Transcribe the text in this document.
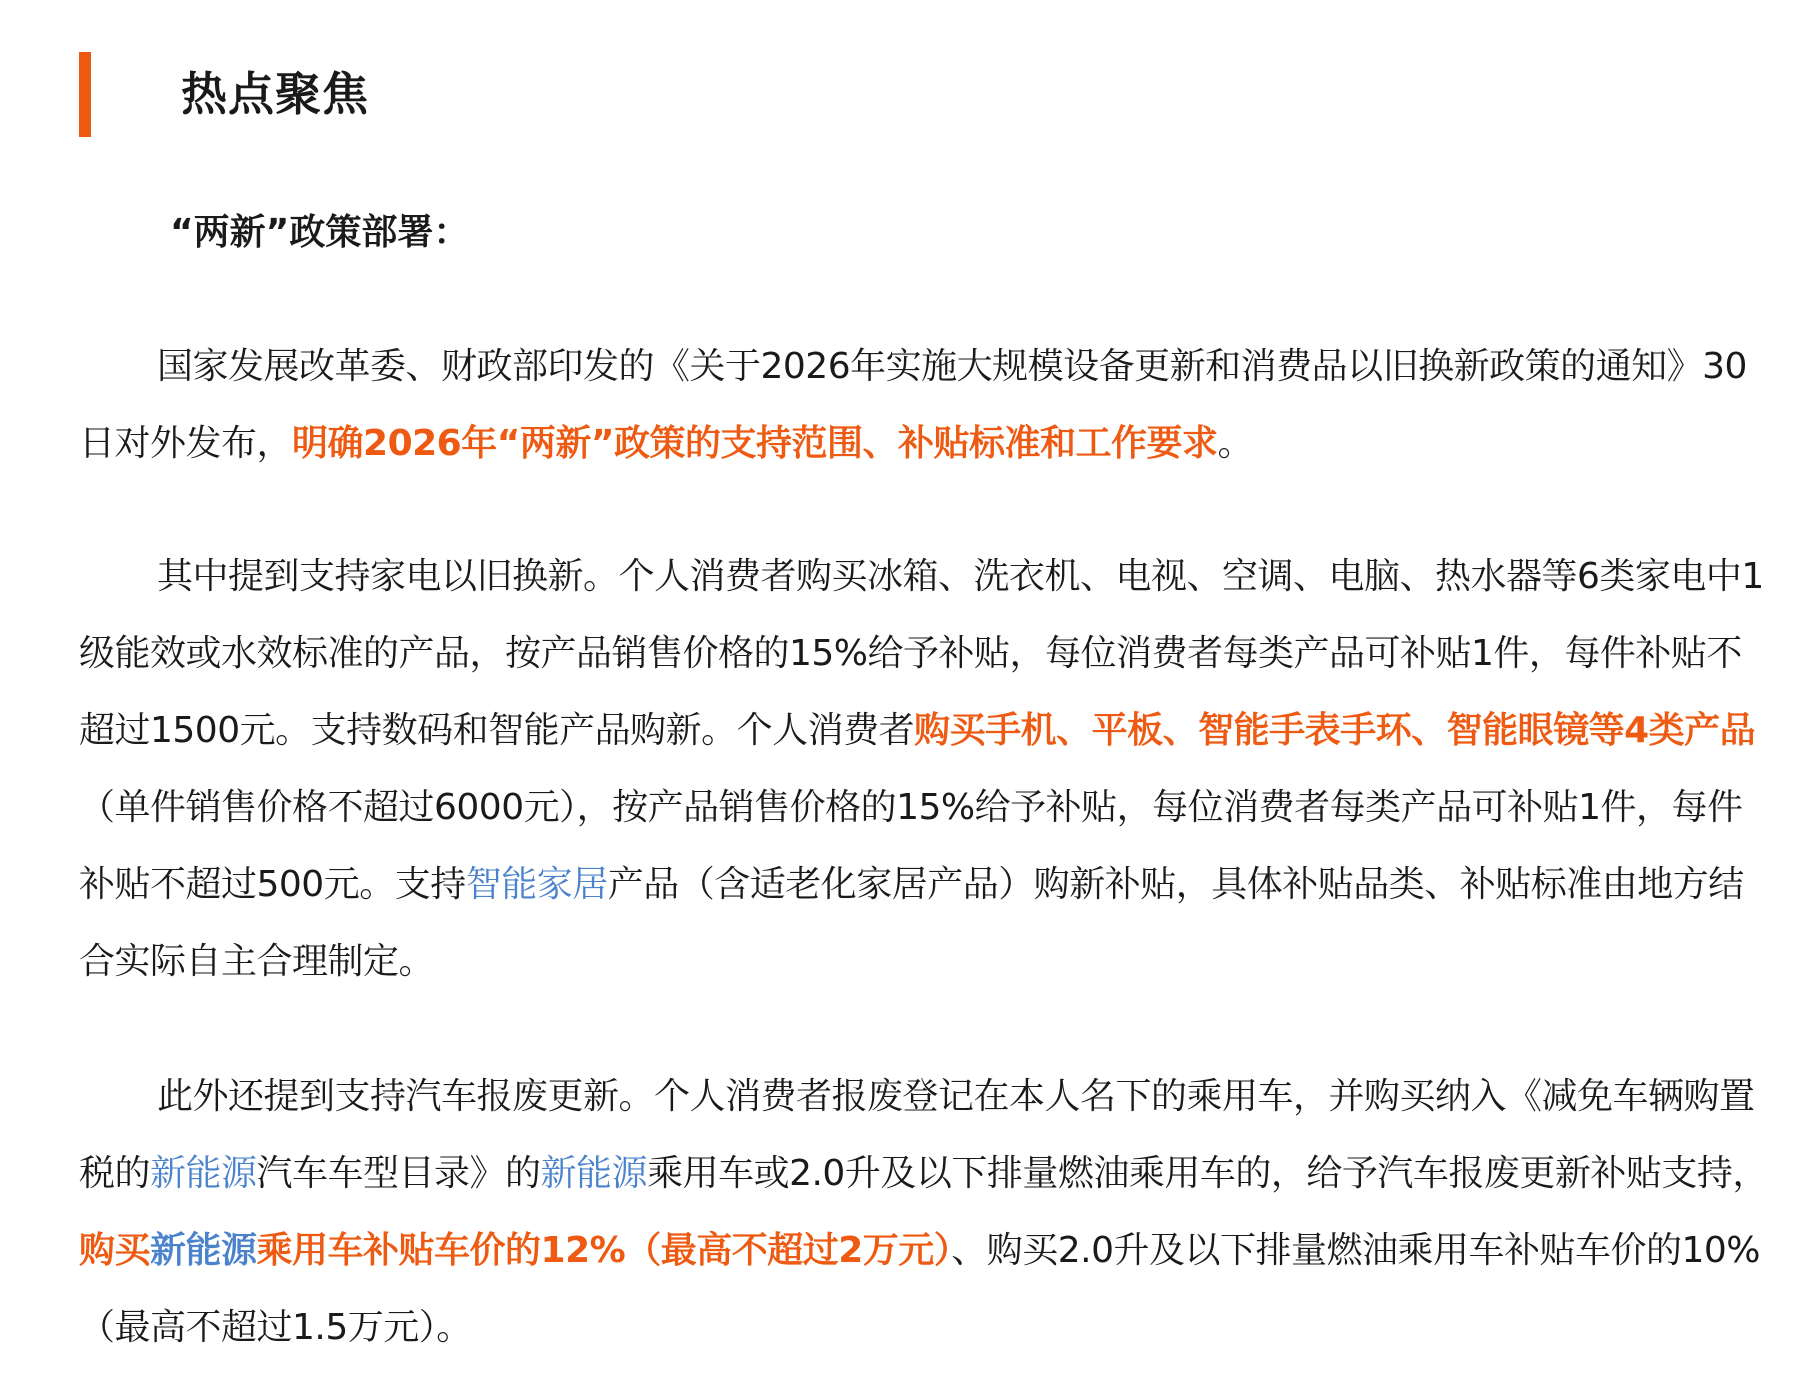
热点聚焦
“两新”政策部署：

国家发展改革委、财政部印发的《关于2026年实施大规模设备更新和消费品以旧换新政策的通知》30日对外发布，明确2026年“两新”政策的支持范围、补贴标准和工作要求。

其中提到支持家电以旧换新。个人消费者购买冰箱、洗衣机、电视、空调、电脑、热水器等6类家电中1级能效或水效标准的产品，按产品销售价格的15%给予补贴，每位消费者每类产品可补贴1件，每件补贴不超过1500元。支持数码和智能产品购新。个人消费者购买手机、平板、智能手表手环、智能眼镜等4类产品（单件销售价格不超过6000元），按产品销售价格的15%给予补贴，每位消费者每类产品可补贴1件，每件补贴不超过500元。支持智能家居产品（含适老化家居产品）购新补贴，具体补贴品类、补贴标准由地方结合实际自主合理制定。

此外还提到支持汽车报废更新。个人消费者报废登记在本人名下的乘用车，并购买纳入《减免车辆购置税的新能源汽车车型目录》的新能源乘用车或2.0升及以下排量燃油乘用车的，给予汽车报废更新补贴支持，购买新能源乘用车补贴车价的12%（最高不超过2万元）、购买2.0升及以下排量燃油乘用车补贴车价的10%（最高不超过1.5万元）。
